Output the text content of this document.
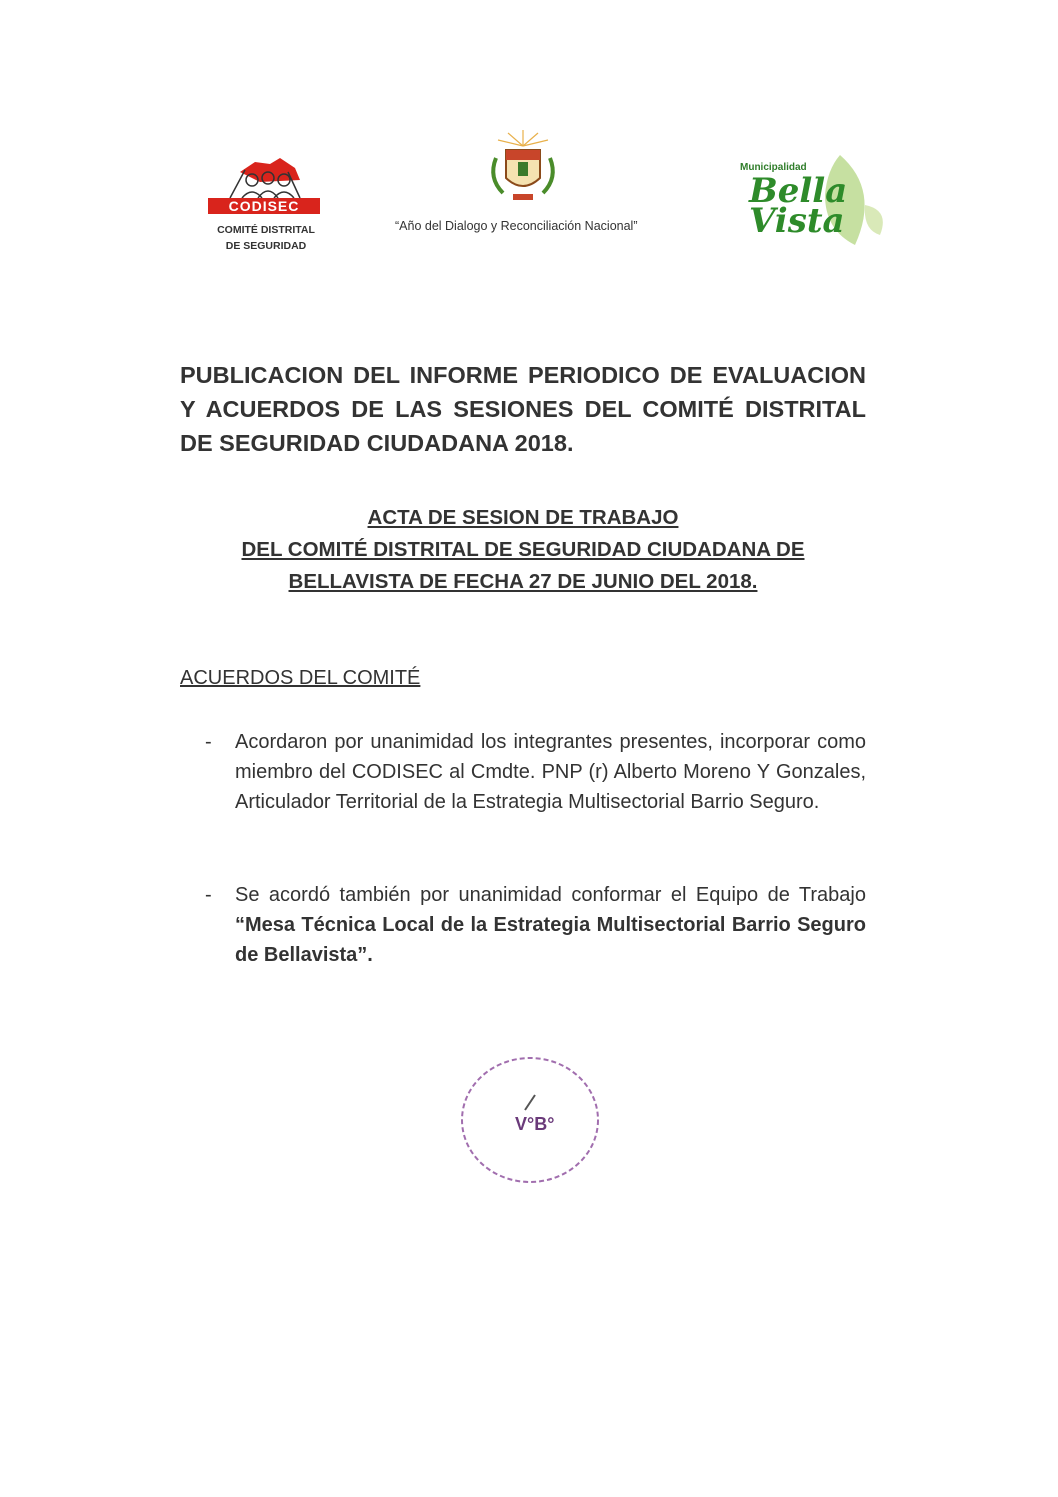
CODISEC
COMITÉ DISTRITAL
DE SEGURIDAD
“Año del Dialogo y Reconciliación Nacional”
Municipalidad
Bella Vista
PUBLICACION DEL INFORME PERIODICO DE EVALUACION Y ACUERDOS DE LAS SESIONES DEL COMITÉ DISTRITAL DE SEGURIDAD CIUDADANA 2018.
ACTA DE SESION DE TRABAJO
DEL COMITÉ DISTRITAL DE SEGURIDAD CIUDADANA DE
BELLAVISTA DE FECHA 27 DE JUNIO DEL 2018.
ACUERDOS DEL COMITÉ
- Acordaron por unanimidad los integrantes presentes, incorporar como miembro del CODISEC al Cmdte. PNP (r) Alberto Moreno Y Gonzales, Articulador Territorial de la Estrategia Multisectorial Barrio Seguro.
- Se acordó también por unanimidad conformar el Equipo de Trabajo “Mesa Técnica Local de la Estrategia Multisectorial Barrio Seguro de Bellavista”.
V°B°
